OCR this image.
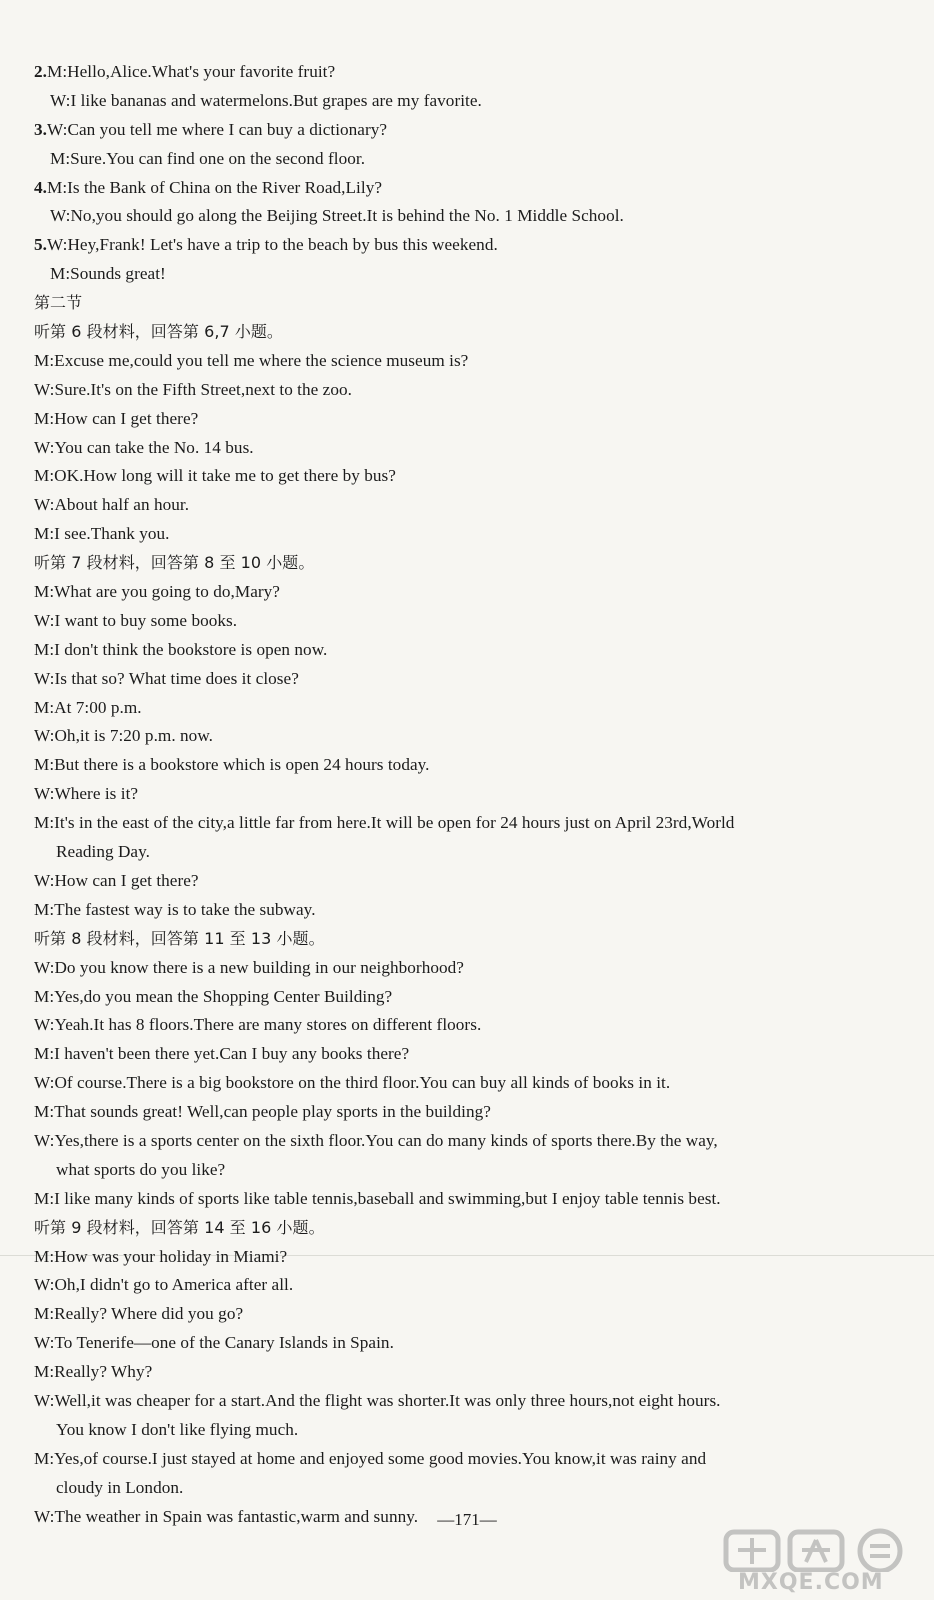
2.M:Hello,Alice.What's your favorite fruit?
W:I like bananas and watermelons.But grapes are my favorite.
3.W:Can you tell me where I can buy a dictionary?
M:Sure.You can find one on the second floor.
4.M:Is the Bank of China on the River Road,Lily?
W:No,you should go along the Beijing Street.It is behind the No. 1 Middle School.
5.W:Hey,Frank! Let's have a trip to the beach by bus this weekend.
M:Sounds great!
第二节
听第 6 段材料，回答第 6,7 小题。
M:Excuse me,could you tell me where the science museum is?
W:Sure.It's on the Fifth Street,next to the zoo.
M:How can I get there?
W:You can take the No. 14 bus.
M:OK.How long will it take me to get there by bus?
W:About half an hour.
M:I see.Thank you.
听第 7 段材料，回答第 8 至 10 小题。
M:What are you going to do,Mary?
W:I want to buy some books.
M:I don't think the bookstore is open now.
W:Is that so? What time does it close?
M:At 7:00 p.m.
W:Oh,it is 7:20 p.m. now.
M:But there is a bookstore which is open 24 hours today.
W:Where is it?
M:It's in the east of the city,a little far from here.It will be open for 24 hours just on April 23rd,World
Reading Day.
W:How can I get there?
M:The fastest way is to take the subway.
听第 8 段材料，回答第 11 至 13 小题。
W:Do you know there is a new building in our neighborhood?
M:Yes,do you mean the Shopping Center Building?
W:Yeah.It has 8 floors.There are many stores on different floors.
M:I haven't been there yet.Can I buy any books there?
W:Of course.There is a big bookstore on the third floor.You can buy all kinds of books in it.
M:That sounds great! Well,can people play sports in the building?
W:Yes,there is a sports center on the sixth floor.You can do many kinds of sports there.By the way,
what sports do you like?
M:I like many kinds of sports like table tennis,baseball and swimming,but I enjoy table tennis best.
听第 9 段材料，回答第 14 至 16 小题。
M:How was your holiday in Miami?
W:Oh,I didn't go to America after all.
M:Really? Where did you go?
W:To Tenerife—one of the Canary Islands in Spain.
M:Really? Why?
W:Well,it was cheaper for a start.And the flight was shorter.It was only three hours,not eight hours.
You know I don't like flying much.
M:Yes,of course.I just stayed at home and enjoyed some good movies.You know,it was rainy and
cloudy in London.
W:The weather in Spain was fantastic,warm and sunny.	—171—
MXQE.COM
